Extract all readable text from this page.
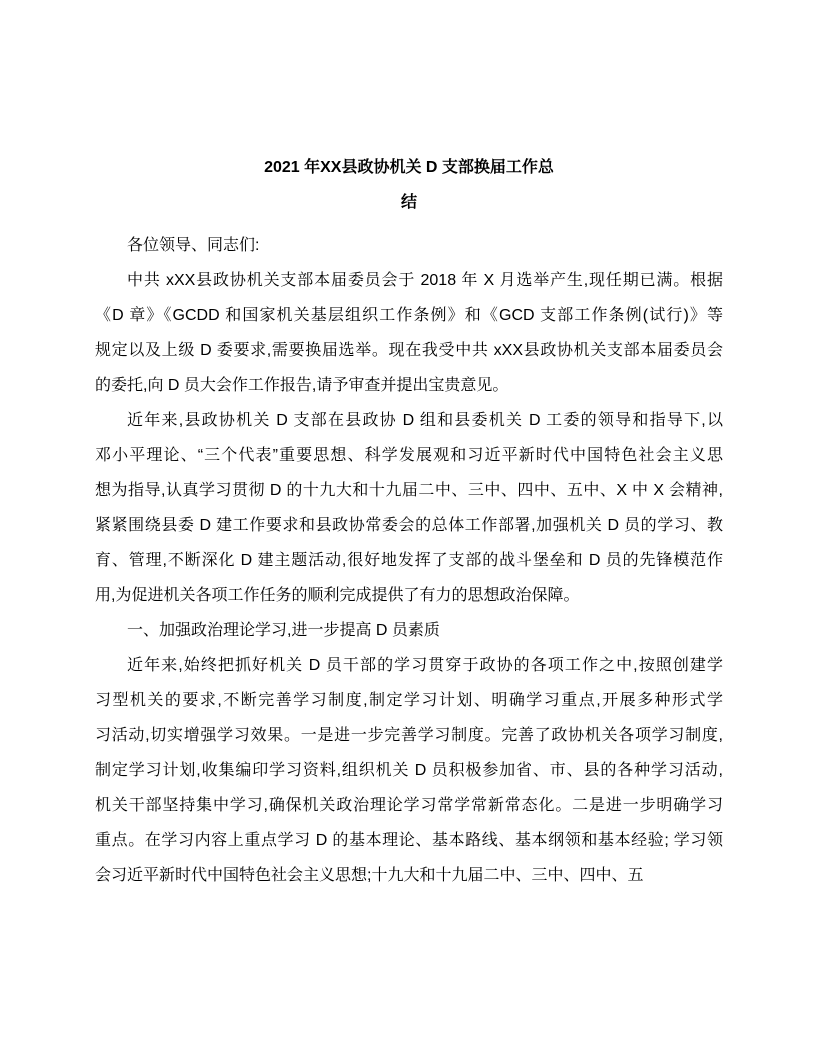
2021 年XX县政协机关 D 支部换届工作总
结
各位领导、同志们:
中共 xXX县政协机关支部本届委员会于 2018 年 X 月选举产生,现任期已满。根据
《D 章》《GCDD 和国家机关基层组织工作条例》和《GCD 支部工作条例(试行)》等
规定以及上级 D 委要求,需要换届选举。现在我受中共 xXX县政协机关支部本届委员会
的委托,向 D 员大会作工作报告,请予审查并提出宝贵意见。
近年来,县政协机关 D 支部在县政协 D 组和县委机关 D 工委的领导和指导下,以
邓小平理论、“三个代表”重要思想、科学发展观和习近平新时代中国特色社会主义思
想为指导,认真学习贯彻 D 的十九大和十九届二中、三中、四中、五中、X 中 X 会精神,
紧紧围绕县委 D 建工作要求和县政协常委会的总体工作部署,加强机关 D 员的学习、教
育、管理,不断深化 D 建主题活动,很好地发挥了支部的战斗堡垒和 D 员的先锋模范作
用,为促进机关各项工作任务的顺利完成提供了有力的思想政治保障。
一、加强政治理论学习,进一步提高 D 员素质
近年来,始终把抓好机关 D 员干部的学习贯穿于政协的各项工作之中,按照创建学
习型机关的要求,不断完善学习制度,制定学习计划、明确学习重点,开展多种形式学
习活动,切实增强学习效果。一是进一步完善学习制度。完善了政协机关各项学习制度,
制定学习计划,收集编印学习资料,组织机关 D 员积极参加省、市、县的各种学习活动,
机关干部坚持集中学习,确保机关政治理论学习常学常新常态化。二是进一步明确学习
重点。在学习内容上重点学习 D 的基本理论、基本路线、基本纲领和基本经验; 学习领
会习近平新时代中国特色社会主义思想;十九大和十九届二中、三中、四中、五
